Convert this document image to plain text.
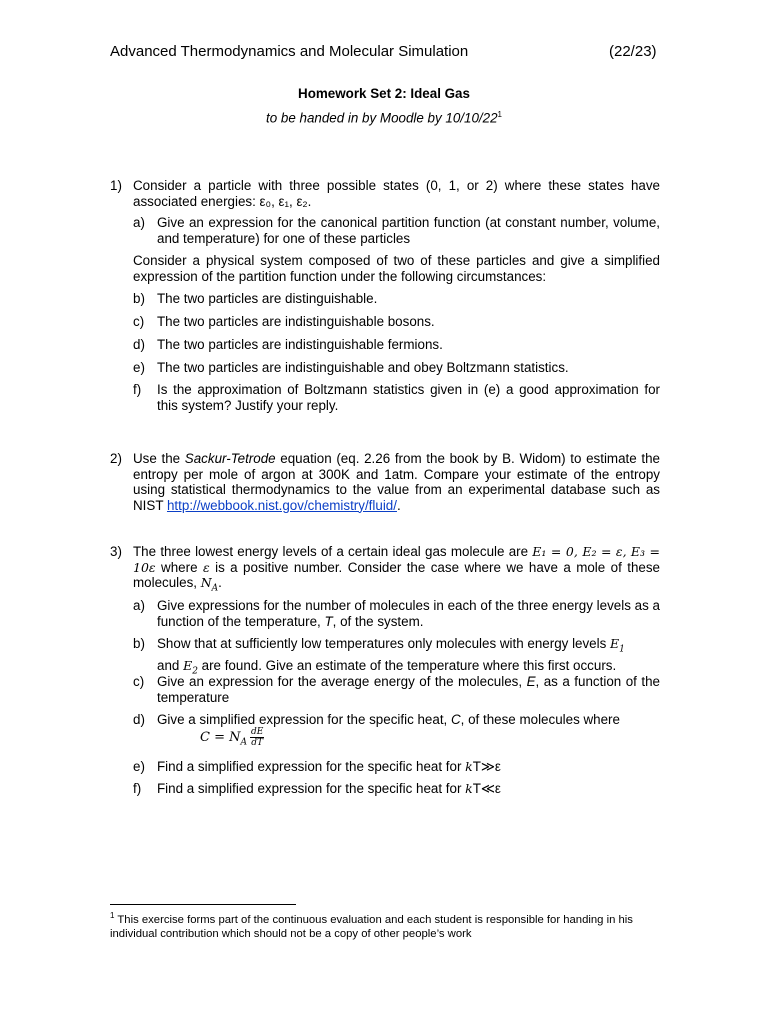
Advanced Thermodynamics and Molecular Simulation	(22/23)
Homework Set 2: Ideal Gas
to be handed in by Moodle by $10/10/22^1$
1) Consider a particle with three possible states (0, 1, or 2) where these states have associated energies: ε₀, ε₁, ε₂.
a) Give an expression for the canonical partition function (at constant number, volume, and temperature) for one of these particles
Consider a physical system composed of two of these particles and give a simplified expression of the partition function under the following circumstances:
b) The two particles are distinguishable.
c) The two particles are indistinguishable bosons.
d) The two particles are indistinguishable fermions.
e) The two particles are indistinguishable and obey Boltzmann statistics.
f) Is the approximation of Boltzmann statistics given in (e) a good approximation for this system? Justify your reply.
2) Use the Sackur-Tetrode equation (eq. 2.26 from the book by B. Widom) to estimate the entropy per mole of argon at 300K and 1atm. Compare your estimate of the entropy using statistical thermodynamics to the value from an experimental database such as NIST http://webbook.nist.gov/chemistry/fluid/.
3) The three lowest energy levels of a certain ideal gas molecule are E₁ = 0, E₂ = ε, E₃ = 10ε where ε is a positive number. Consider the case where we have a mole of these molecules, $N_A$.
a) Give expressions for the number of molecules in each of the three energy levels as a function of the temperature, T, of the system.
b) Show that at sufficiently low temperatures only molecules with energy levels $E_1$
and $E_2$ are found. Give an estimate of the temperature where this first occurs.
c) Give an expression for the average energy of the molecules, E, as a function of the temperature
d) Give a simplified expression for the specific heat, C, of these molecules where
$C = N_A \frac{dE}{dT}$
e) Find a simplified expression for the specific heat for kT≫ε
f) Find a simplified expression for the specific heat for kT≪ε
$^1$ This exercise forms part of the continuous evaluation and each student is responsible for handing in his individual contribution which should not be a copy of other people’s work
